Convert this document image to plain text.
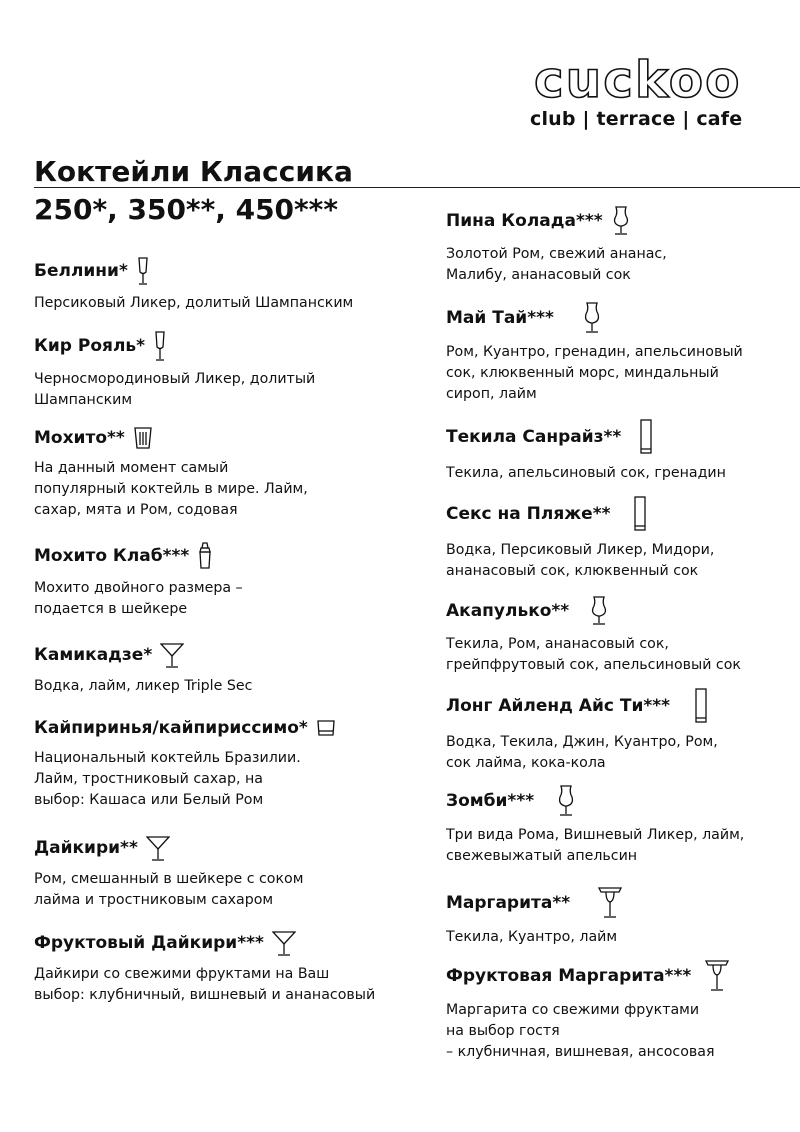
cuckoo
club | terrace | cafe
Коктейли Классика
250*, 350**, 450***
Беллини*
Персиковый Ликер, долитый Шампанским
Кир Рояль*
Черносмородиновый Ликер, долитый
Шампанским
Мохито**
На данный момент самый
популярный коктейль в мире. Лайм,
сахар, мята и Ром, содовая
Мохито Клаб***
Мохито двойного размера –
подается в шейкере
Камикадзе*
Водка, лайм, ликер Triple Sec
Кайпиринья/кайпириссимо*
Национальный коктейль Бразилии.
Лайм, тростниковый сахар, на
выбор: Кашаса или Белый Ром
Дайкири**
Ром, смешанный в шейкере с соком
лайма и тростниковым сахаром
Фруктовый Дайкири***
Дайкири со свежими фруктами на Ваш
выбор: клубничный, вишневый и ананасовый
Пина Колада***
Золотой Ром, свежий ананас,
Малибу, ананасовый сок
Май Тай***
Ром, Куантро, гренадин, апельсиновый
сок, клюквенный морс, миндальный
сироп, лайм
Текила Санрайз**
Текила, апельсиновый сок, гренадин
Секс на Пляже**
Водка, Персиковый Ликер, Мидори,
ананасовый сок, клюквенный сок
Акапулько**
Текила, Ром, ананасовый сок,
грейпфрутовый сок, апельсиновый сок
Лонг Айленд Айс Ти***
Водка, Текила, Джин, Куантро, Ром,
сок лайма, кока-кола
Зомби***
Три вида Рома, Вишневый Ликер, лайм,
свежевыжатый апельсин
Маргарита**
Текила, Куантро, лайм
Фруктовая Маргарита***
Маргарита со свежими фруктами
на выбор гостя
– клубничная, вишневая, ансосовая
